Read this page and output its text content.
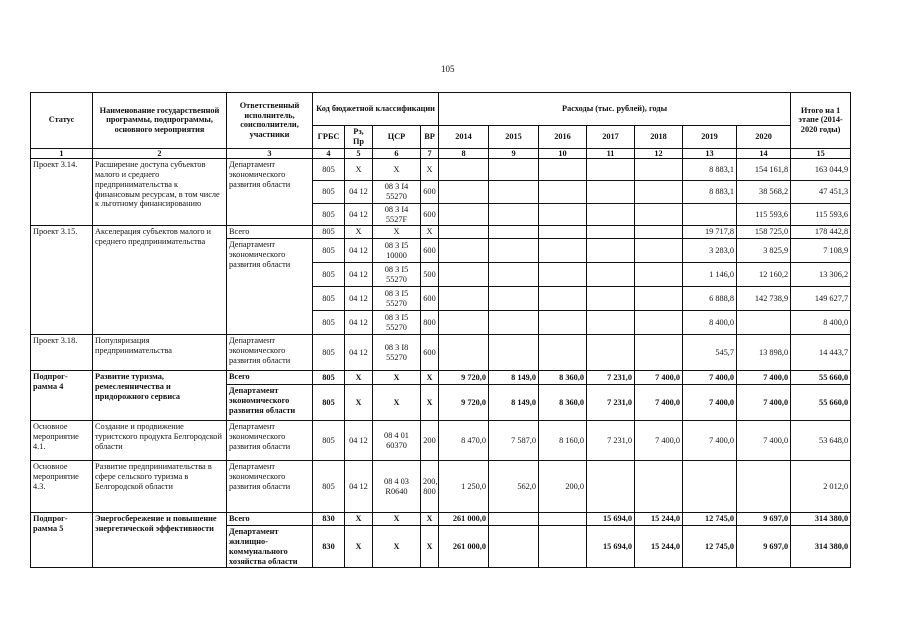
105
Статус	Наименование государственной программы, подпрограммы, основного мероприятия	Ответственный исполнитель, соисполнители, участники	Код бюджетной классификации				Расходы (тыс. рублей), годы							Итого на 1 этапе (2014-2020 годы)
			ГРБС	Рз, Пр	ЦСР	ВР	2014	2015	2016	2017	2018	2019	2020	
1	2	3	4	5	6	7	8	9	10	11	12	13	14	15
Проект 3.14.	Расширение доступа субъектов малого и среднего предпринимательства к финансовым ресурсам, в том числе к льготному финансированию	Департамент экономического развития области	805	X	X	X						8 883,1	154 161,8	163 044,9
			805	04 12	08 3 I4 55270	600						8 883,1	38 568,2	47 451,3
			805	04 12	08 3 I4 5527F	600							115 593,6	115 593,6
Проект 3.15.	Акселерация субъектов малого и среднего предпринимательства	Всего	805	X	X	X						19 717,8	158 725,0	178 442,8
		Департамент экономического развития области	805	04 12	08 3 I5 10000	600						3 283,0	3 825,9	7 108,9
			805	04 12	08 3 I5 55270	500						1 146,0	12 160,2	13 306,2
			805	04 12	08 3 I5 55270	600						6 888,8	142 738,9	149 627,7
			805	04 12	08 3 I5 55270	800						8 400,0		8 400,0
Проект 3.18.	Популяризация предпринимательства	Департамент экономического развития области	805	04 12	08 3 I8 55270	600						545,7	13 898,0	14 443,7
Подпрог-рамма 4	Развитие туризма, ремесленничества и придорожного сервиса	Всего	805	X	X	X	9 720,0	8 149,0	8 360,0	7 231,0	7 400,0	7 400,0	7 400,0	55 660,0
		Департамент экономического развития области	805	X	X	X	9 720,0	8 149,0	8 360,0	7 231,0	7 400,0	7 400,0	7 400,0	55 660,0
Основное мероприятие 4.1.	Создание и продвижение туристского продукта Белгородской области	Департамент экономического развития области	805	04 12	08 4 01 60370	200	8 470,0	7 587,0	8 160,0	7 231,0	7 400,0	7 400,0	7 400,0	53 648,0
Основное мероприятие 4.3.	Развитие предпринимательства в сфере сельского туризма в Белгородской области	Департамент экономического развития области	805	04 12	08 4 03 R0640	200, 800	1 250,0	562,0	200,0					2 012,0
Подпрог-рамма 5	Энергосбережение и повышение энергетической эффективности	Всего	830	X	X	X	261 000,0			15 694,0	15 244,0	12 745,0	9 697,0	314 380,0
		Департамент жилищно-коммунального хозяйства области	830	X	X	X	261 000,0			15 694,0	15 244,0	12 745,0	9 697,0	314 380,0
